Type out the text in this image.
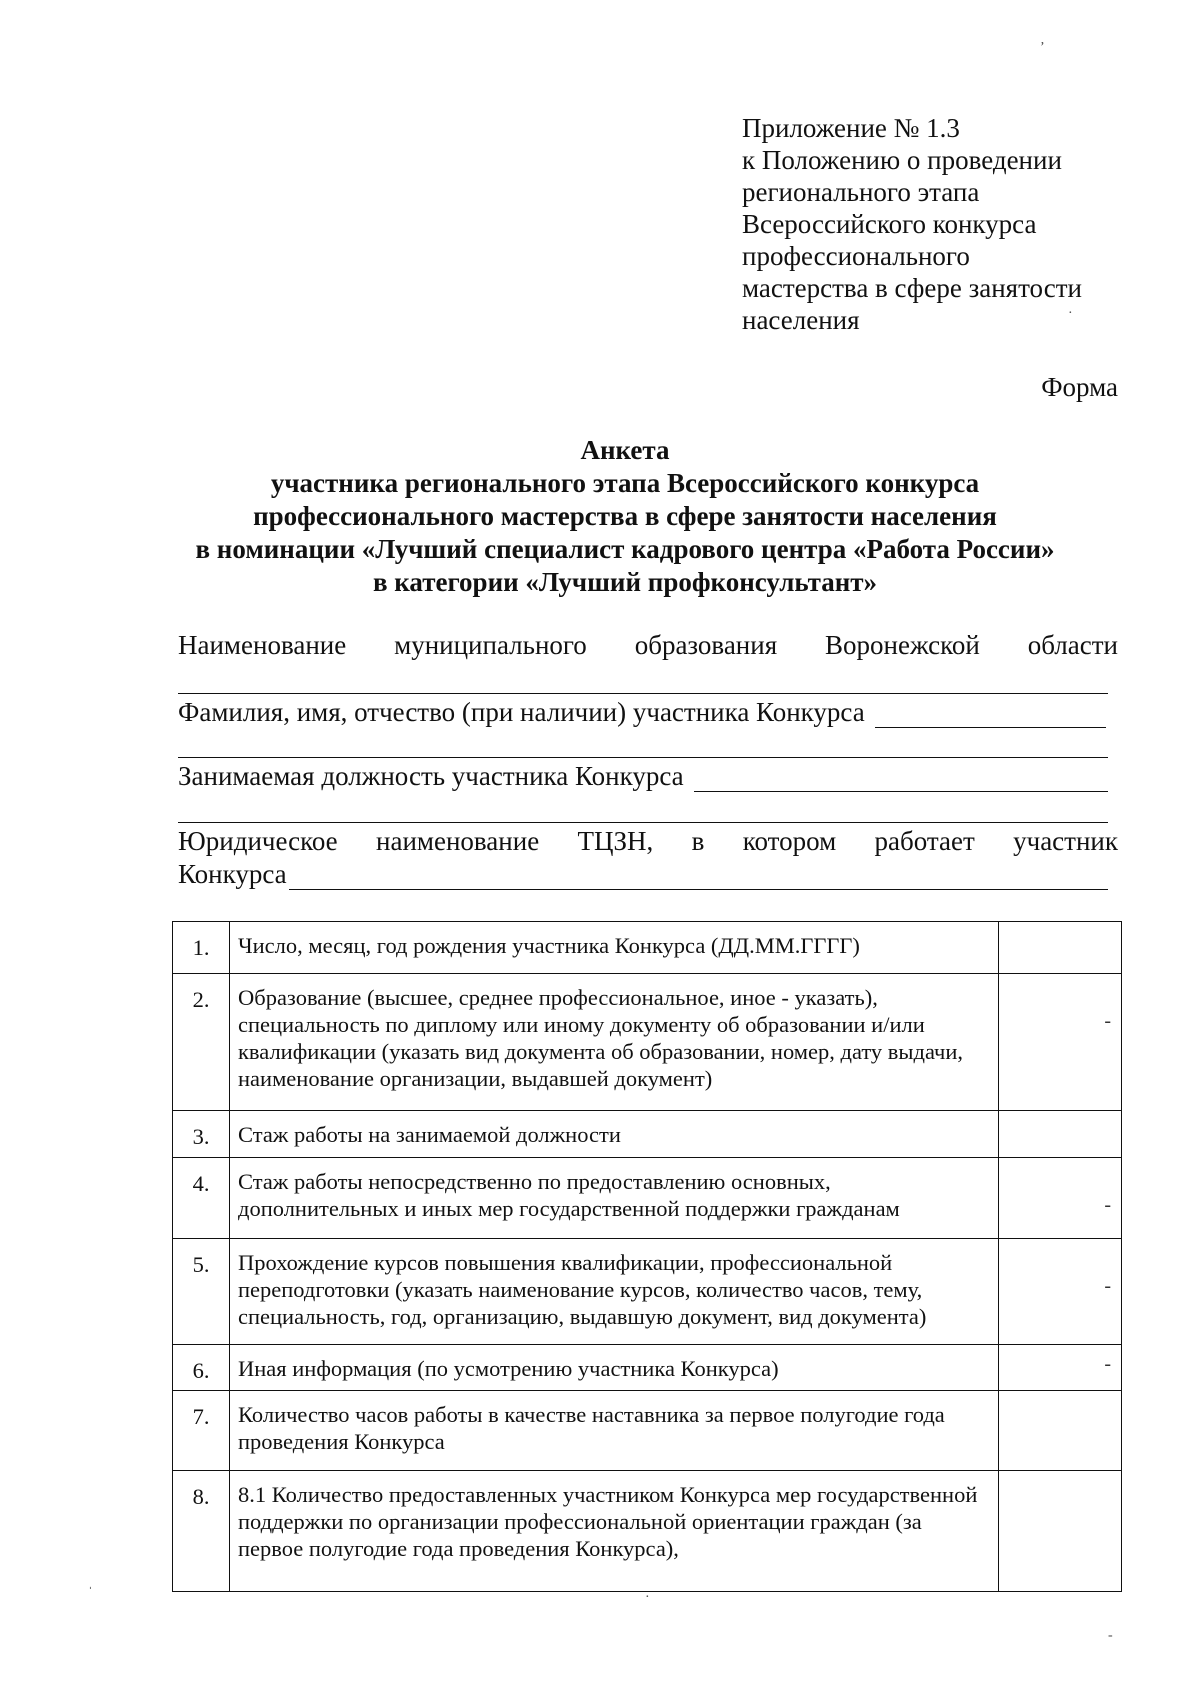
Приложение № 1.3
к Положению о проведении
регионального этапа
Всероссийского конкурса
профессионального
мастерства в сфере занятости
населения
Форма
Анкета
участника регионального этапа Всероссийского конкурса
профессионального мастерства в сфере занятости населения
в номинации «Лучший специалист кадрового центра «Работа России»
в категории «Лучший профконсультант»
Наименование муниципального образования Воронежской области
Фамилия, имя, отчество (при наличии) участника Конкурса
Занимаемая должность участника Конкурса
Юридическое наименование ТЦЗН, в котором работает участник
Конкурса
1.	Число, месяц, год рождения участника Конкурса (ДД.ММ.ГГГГ)	
2.	Образование (высшее, среднее профессиональное, иное - указать), специальность по диплому или иному документу об образовании и/или квалификации (указать вид документа об образовании, номер, дату выдачи, наименование организации, выдавшей документ)	-
3.	Стаж работы на занимаемой должности	
4.	Стаж работы непосредственно по предоставлению основных, дополнительных и иных мер государственной поддержки гражданам	-
5.	Прохождение курсов повышения квалификации, профессиональной переподготовки (указать наименование курсов, количество часов, тему, специальность, год, организацию, выдавшую документ, вид документа)	-
6.	Иная информация (по усмотрению участника Конкурса)	-
7.	Количество часов работы в качестве наставника за первое полугодие года проведения Конкурса	
8.	8.1 Количество предоставленных участником Конкурса мер государственной поддержки по организации профессиональной ориентации граждан (за первое полугодие года проведения Конкурса),	
ʼ
·
ˌ
·
-
